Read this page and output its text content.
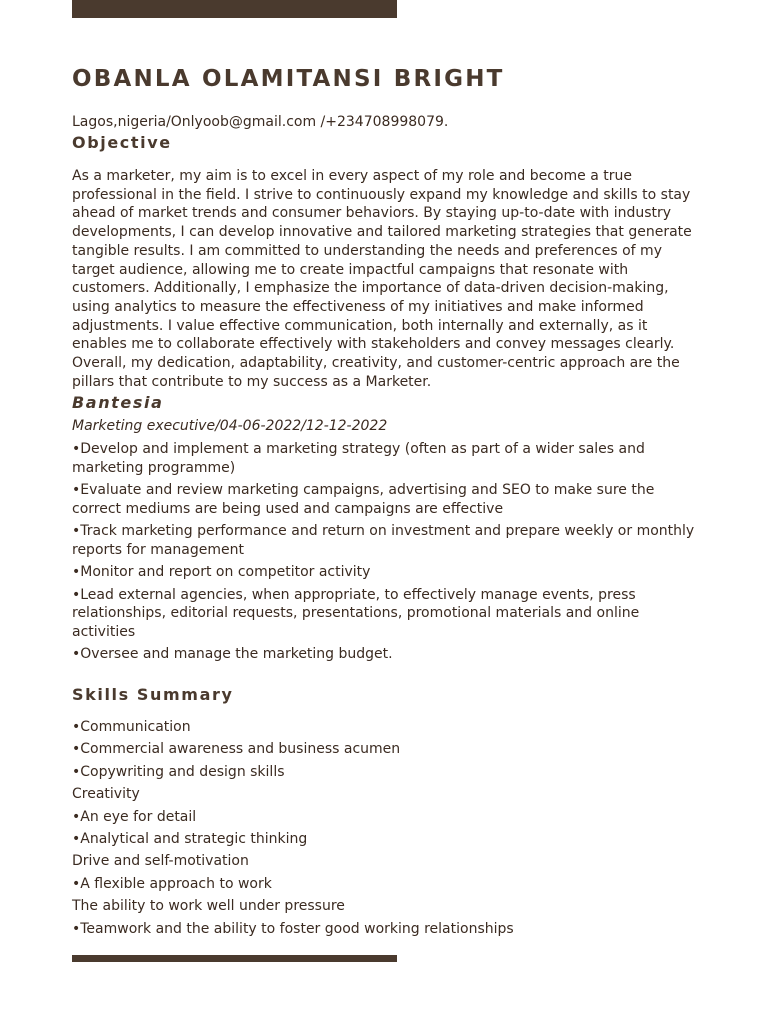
OBANLA OLAMITANSI BRIGHT
Lagos,nigeria/Onlyoob@gmail.com /+234708998079.
Objective

As a marketer, my aim is to excel in every aspect of my role and become a true professional in the field. I strive to continuously expand my knowledge and skills to stay ahead of market trends and consumer behaviors. By staying up-to-date with industry developments, I can develop innovative and tailored marketing strategies that generate tangible results. I am committed to understanding the needs and preferences of my target audience, allowing me to create impactful campaigns that resonate with customers. Additionally, I emphasize the importance of data-driven decision-making, using analytics to measure the effectiveness of my initiatives and make informed adjustments. I value effective communication, both internally and externally, as it enables me to collaborate effectively with stakeholders and convey messages clearly. Overall, my dedication, adaptability, creativity, and customer-centric approach are the pillars that contribute to my success as a Marketer.

Bantesia
Marketing executive/04-06-2022/12-12-2022
•Develop and implement a marketing strategy (often as part of a wider sales and marketing programme)
•Evaluate and review marketing campaigns, advertising and SEO to make sure the correct mediums are being used and campaigns are effective
•Track marketing performance and return on investment and prepare weekly or monthly reports for management
•Monitor and report on competitor activity
•Lead external agencies, when appropriate, to effectively manage events, press relationships, editorial requests, presentations, promotional materials and online activities
•Oversee and manage the marketing budget.
Skills Summary
•Communication
•Commercial awareness and business acumen
•Copywriting and design skills
Creativity
•An eye for detail
•Analytical and strategic thinking
Drive and self-motivation
•A flexible approach to work
The ability to work well under pressure
•Teamwork and the ability to foster good working relationships
